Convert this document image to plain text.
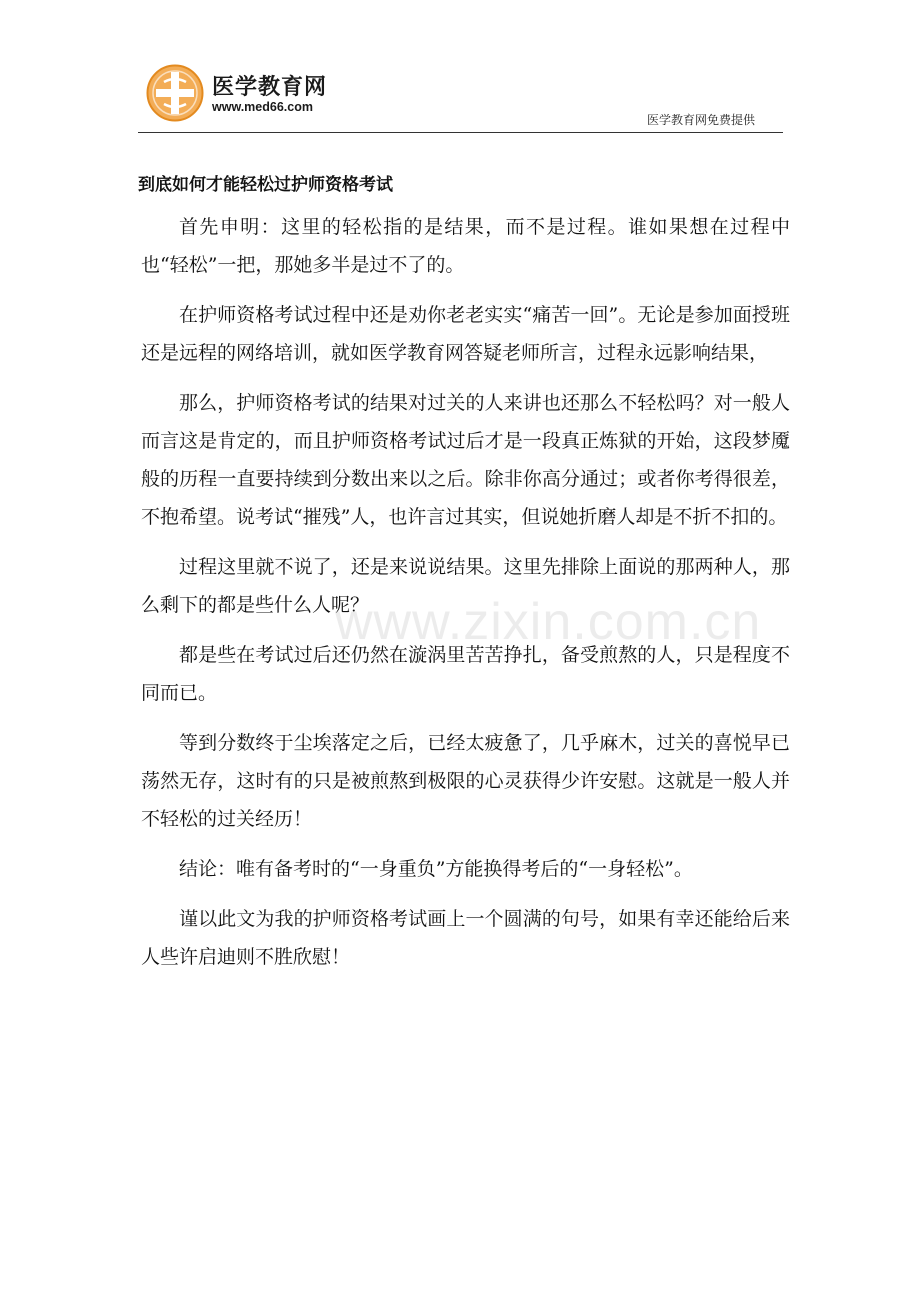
医学教育网
www.med66.com
医学教育网免费提供
到底如何才能轻松过护师资格考试

首先申明：这里的轻松指的是结果，而不是过程。谁如果想在过程中也“轻松”一把，那她多半是过不了的。

在护师资格考试过程中还是劝你老老实实“痛苦一回”。无论是参加面授班还是远程的网络培训，就如医学教育网答疑老师所言，过程永远影响结果，

那么，护师资格考试的结果对过关的人来讲也还那么不轻松吗？对一般人而言这是肯定的，而且护师资格考试过后才是一段真正炼狱的开始，这段梦魇般的历程一直要持续到分数出来以之后。除非你高分通过；或者你考得很差，不抱希望。说考试“摧残”人，也许言过其实，但说她折磨人却是不折不扣的。

过程这里就不说了，还是来说说结果。这里先排除上面说的那两种人，那么剩下的都是些什么人呢？

都是些在考试过后还仍然在漩涡里苦苦挣扎，备受煎熬的人，只是程度不同而已。

等到分数终于尘埃落定之后，已经太疲惫了，几乎麻木，过关的喜悦早已荡然无存，这时有的只是被煎熬到极限的心灵获得少许安慰。这就是一般人并不轻松的过关经历！

结论：唯有备考时的“一身重负”方能换得考后的“一身轻松”。

谨以此文为我的护师资格考试画上一个圆满的句号，如果有幸还能给后来人些许启迪则不胜欣慰！

www.zixin.com.cn
